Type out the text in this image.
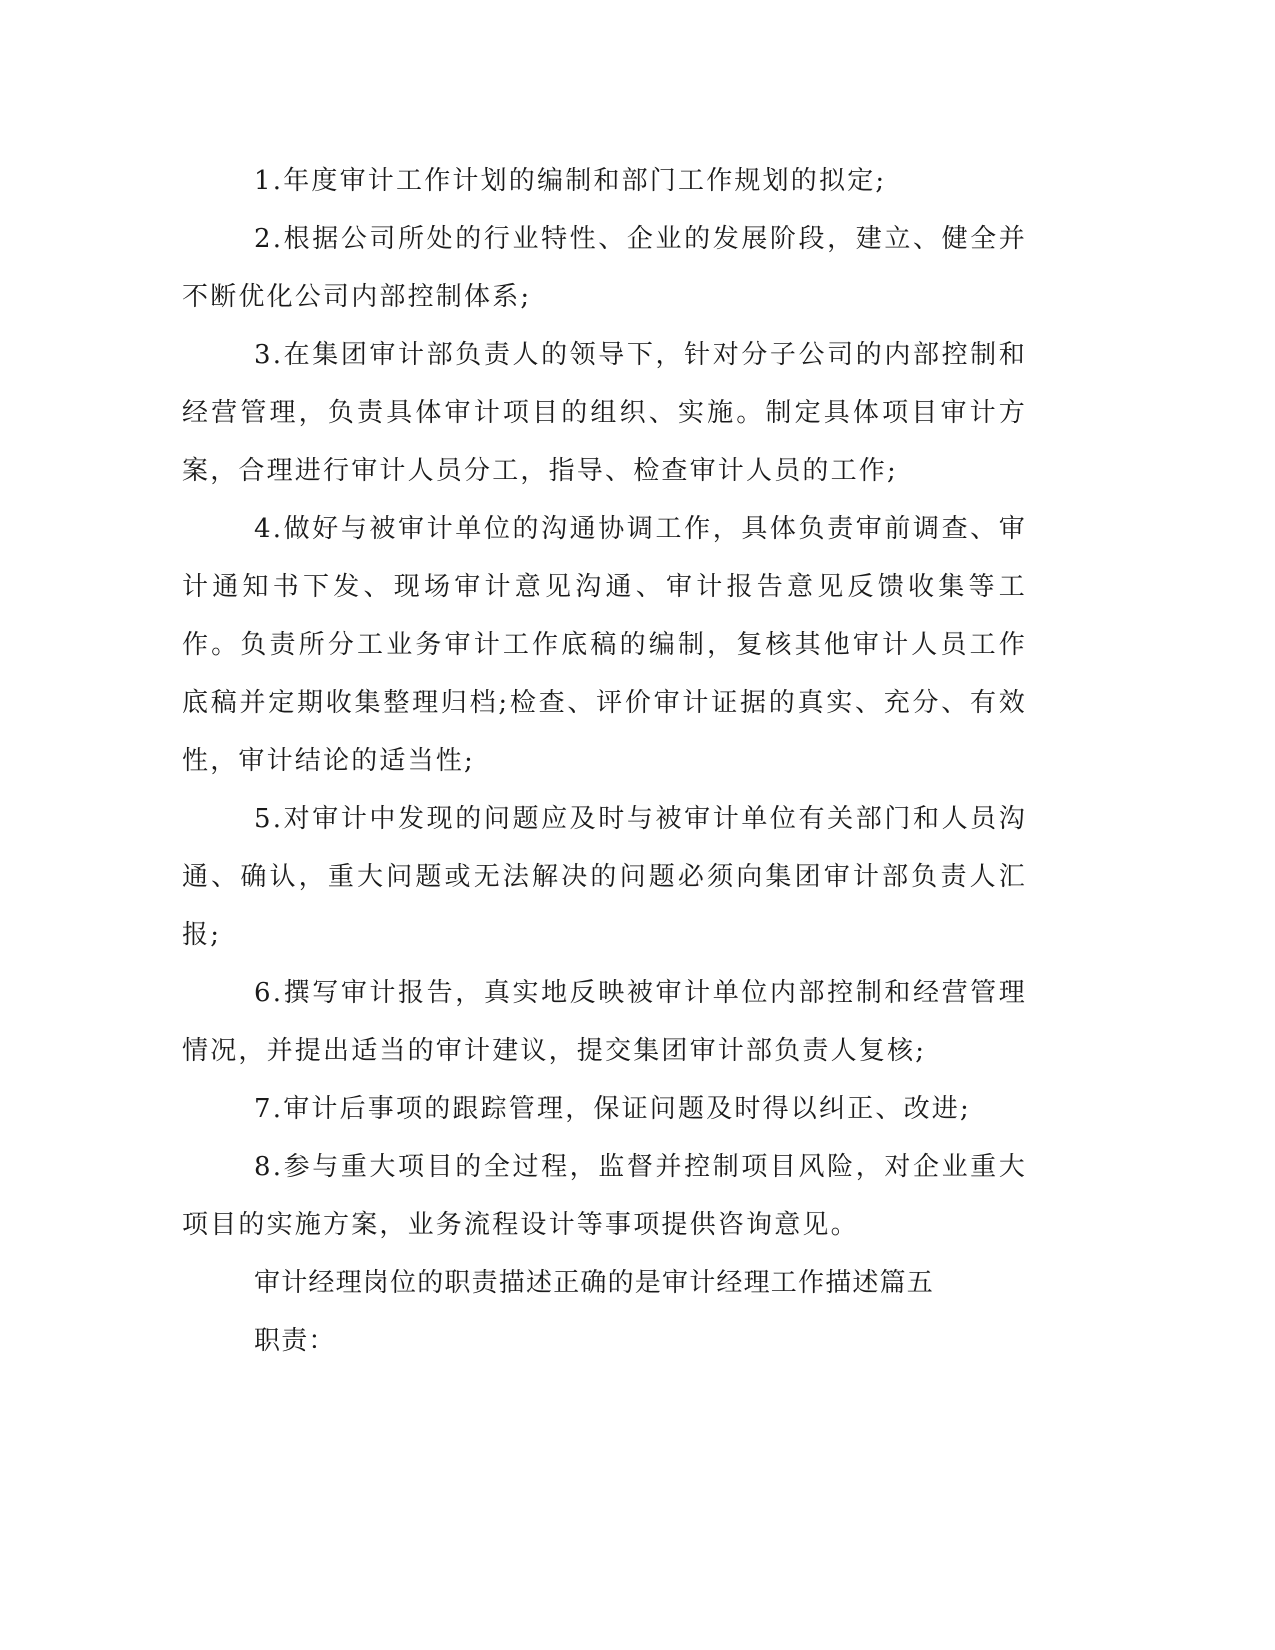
1.年度审计工作计划的编制和部门工作规划的拟定;

2.根据公司所处的行业特性、企业的发展阶段，建立、健全并不断优化公司内部控制体系;

3.在集团审计部负责人的领导下，针对分子公司的内部控制和经营管理，负责具体审计项目的组织、实施。制定具体项目审计方案，合理进行审计人员分工，指导、检查审计人员的工作;

4.做好与被审计单位的沟通协调工作，具体负责审前调查、审计通知书下发、现场审计意见沟通、审计报告意见反馈收集等工作。负责所分工业务审计工作底稿的编制，复核其他审计人员工作底稿并定期收集整理归档;检查、评价审计证据的真实、充分、有效性，审计结论的适当性;

5.对审计中发现的问题应及时与被审计单位有关部门和人员沟通、确认，重大问题或无法解决的问题必须向集团审计部负责人汇报;

6.撰写审计报告，真实地反映被审计单位内部控制和经营管理情况，并提出适当的审计建议，提交集团审计部负责人复核;

7.审计后事项的跟踪管理，保证问题及时得以纠正、改进;

8.参与重大项目的全过程，监督并控制项目风险，对企业重大项目的实施方案，业务流程设计等事项提供咨询意见。

审计经理岗位的职责描述正确的是审计经理工作描述篇五

职责：
